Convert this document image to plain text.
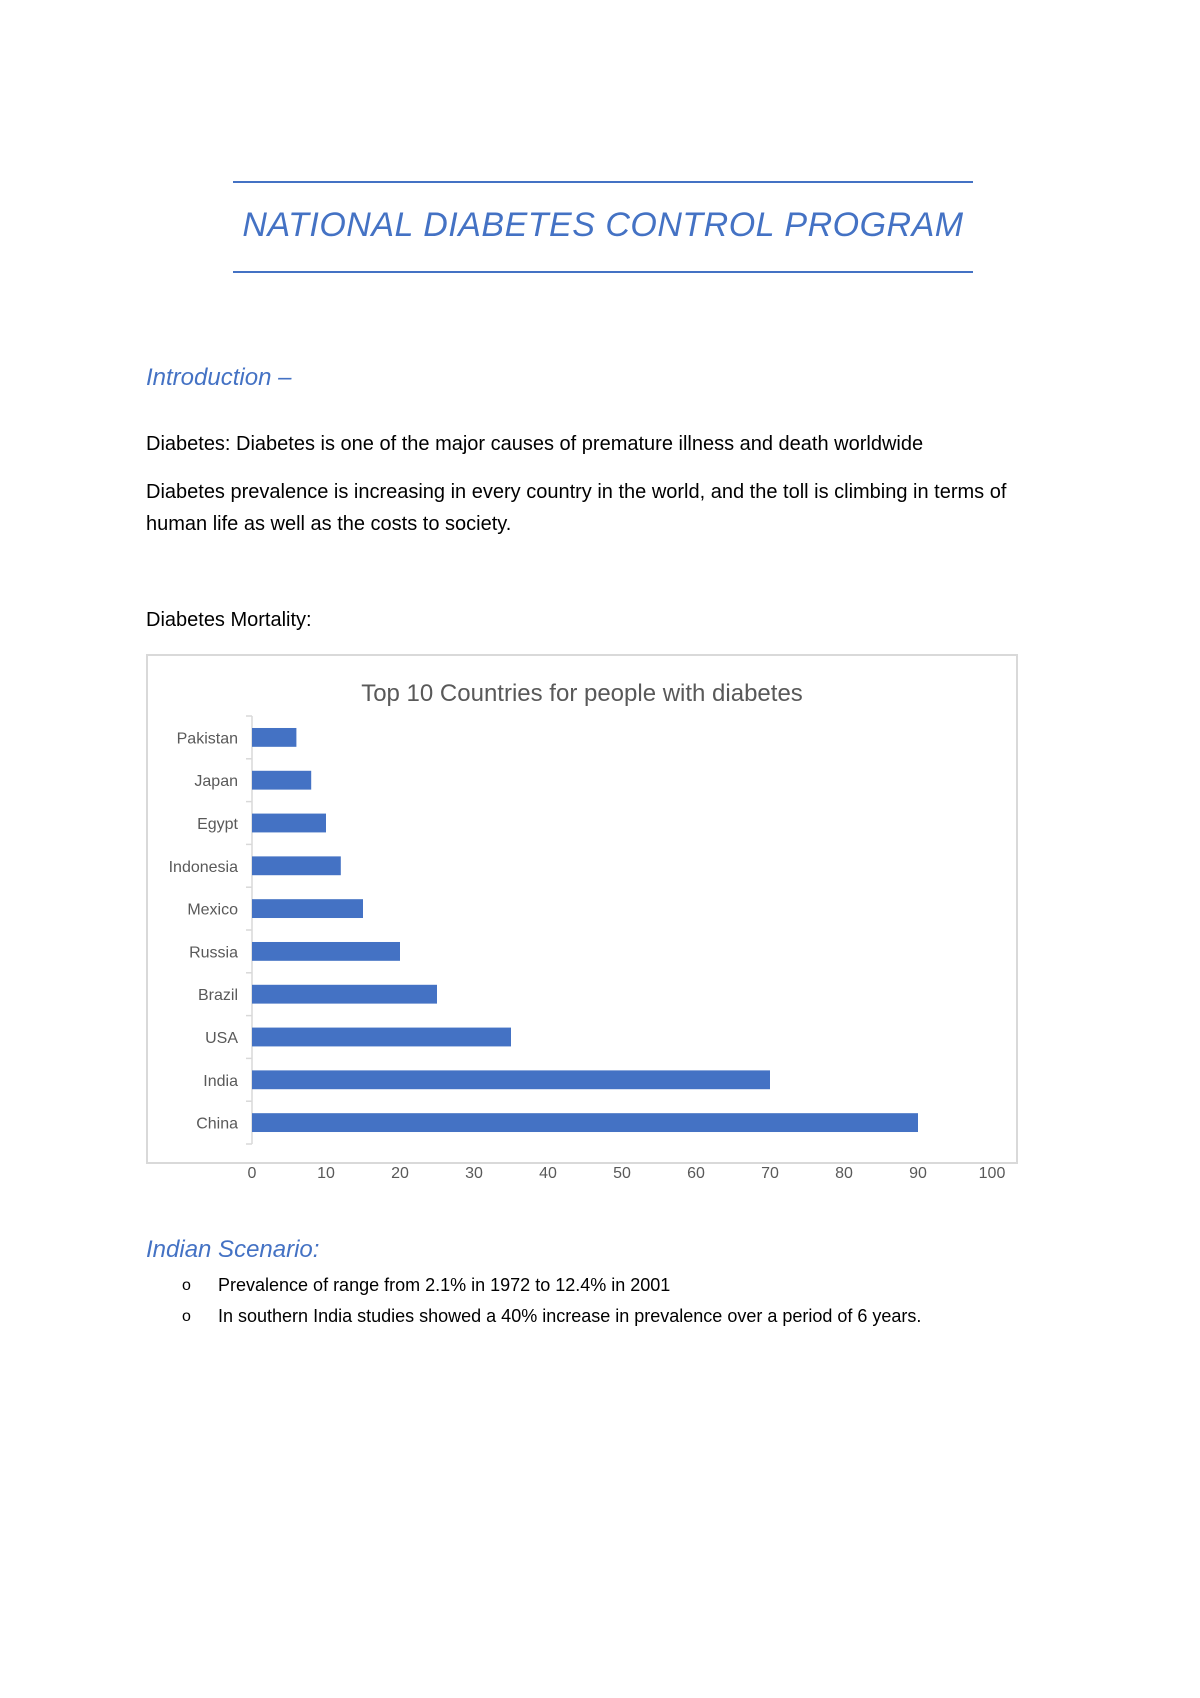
NATIONAL DIABETES CONTROL PROGRAM
Introduction –
Diabetes: Diabetes is one of the major causes of premature illness and death worldwide
Diabetes prevalence is increasing in every country in the world, and the toll is climbing in terms of human life as well as the costs to society.
Diabetes Mortality:
Top 10 Countries for people with diabetes
China
India
USA
Brazil
Russia
Mexico
Indonesia
Egypt
Japan
Pakistan
0	10	20	30	40	50	60	70	80	90	100
Indian Scenario:
o Prevalence of range from 2.1% in 1972 to 12.4% in 2001
o In southern India studies showed a 40% increase in prevalence over a period of 6 years.
